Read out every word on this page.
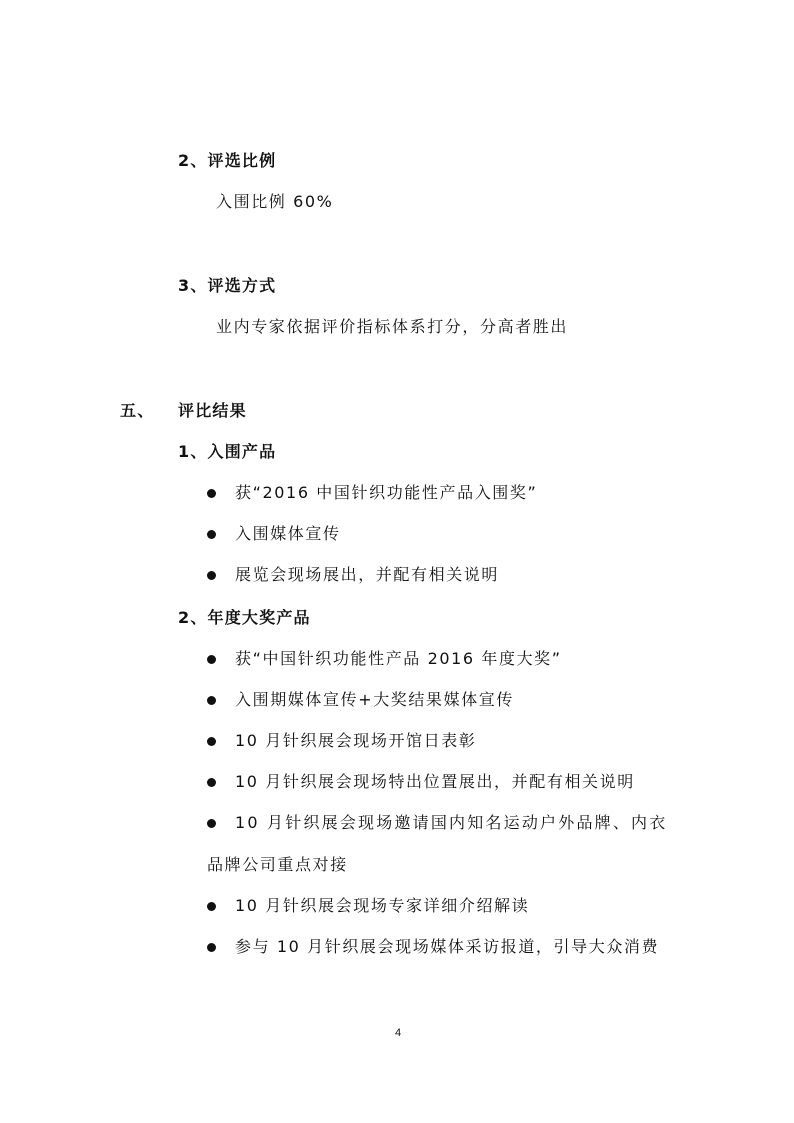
2、评选比例
入围比例 60%
3、评选方式
业内专家依据评价指标体系打分，分高者胜出
五、 评比结果
1、入围产品
获“2016 中国针织功能性产品入围奖”
入围媒体宣传
展览会现场展出，并配有相关说明
2、年度大奖产品
获“中国针织功能性产品 2016 年度大奖”
入围期媒体宣传+大奖结果媒体宣传
10 月针织展会现场开馆日表彰
10 月针织展会现场特出位置展出，并配有相关说明
10 月针织展会现场邀请国内知名运动户外品牌、内衣
品牌公司重点对接
10 月针织展会现场专家详细介绍解读
参与 10 月针织展会现场媒体采访报道，引导大众消费
4
